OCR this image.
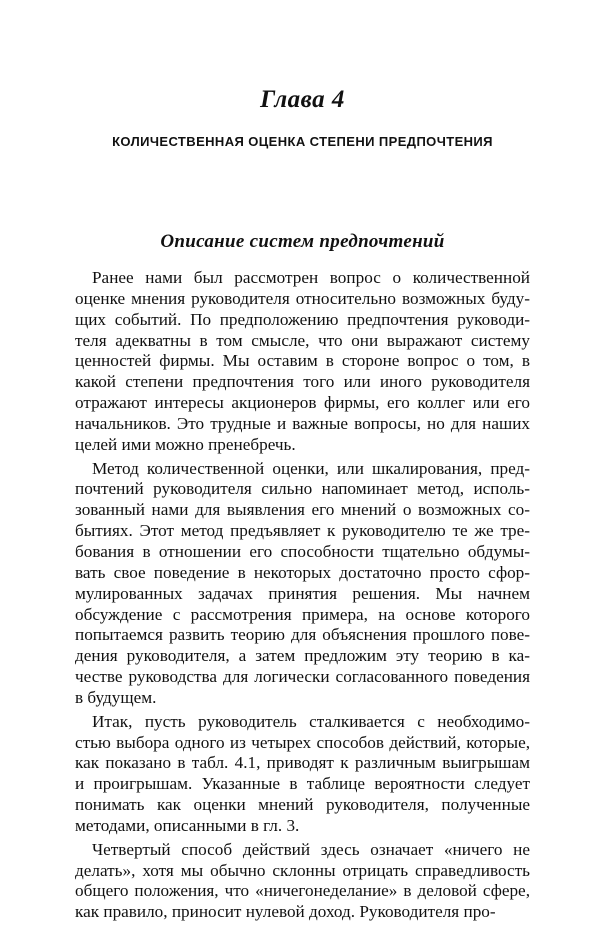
Глава 4
КОЛИЧЕСТВЕННАЯ ОЦЕНКА СТЕПЕНИ ПРЕДПОЧТЕНИЯ
Описание систем предпочтений
Ранее нами был рассмотрен вопрос о количественной
оценке мнения руководителя относительно возможных буду-
щих событий. По предположению предпочтения руководи-
теля адекватны в том смысле, что они выражают систему
ценностей фирмы. Мы оставим в стороне вопрос о том, в
какой степени предпочтения того или иного руководителя
отражают интересы акционеров фирмы, его коллег или его
начальников. Это трудные и важные вопросы, но для наших
целей ими можно пренебречь.
Метод количественной оценки, или шкалирования, пред-
почтений руководителя сильно напоминает метод, исполь-
зованный нами для выявления его мнений о возможных со-
бытиях. Этот метод предъявляет к руководителю те же тре-
бования в отношении его способности тщательно обдумы-
вать свое поведение в некоторых достаточно просто сфор-
мулированных задачах принятия решения. Мы начнем
обсуждение с рассмотрения примера, на основе которого
попытаемся развить теорию для объяснения прошлого пове-
дения руководителя, а затем предложим эту теорию в ка-
честве руководства для логически согласованного поведения
в будущем.
Итак, пусть руководитель сталкивается с необходимо-
стью выбора одного из четырех способов действий, которые,
как показано в табл. 4.1, приводят к различным выигрышам
и проигрышам. Указанные в таблице вероятности следует
понимать как оценки мнений руководителя, полученные
методами, описанными в гл. 3.
Четвертый способ действий здесь означает «ничего не
делать», хотя мы обычно склонны отрицать справедливость
общего положения, что «ничегонеделание» в деловой сфере,
как правило, приносит нулевой доход. Руководителя про-
